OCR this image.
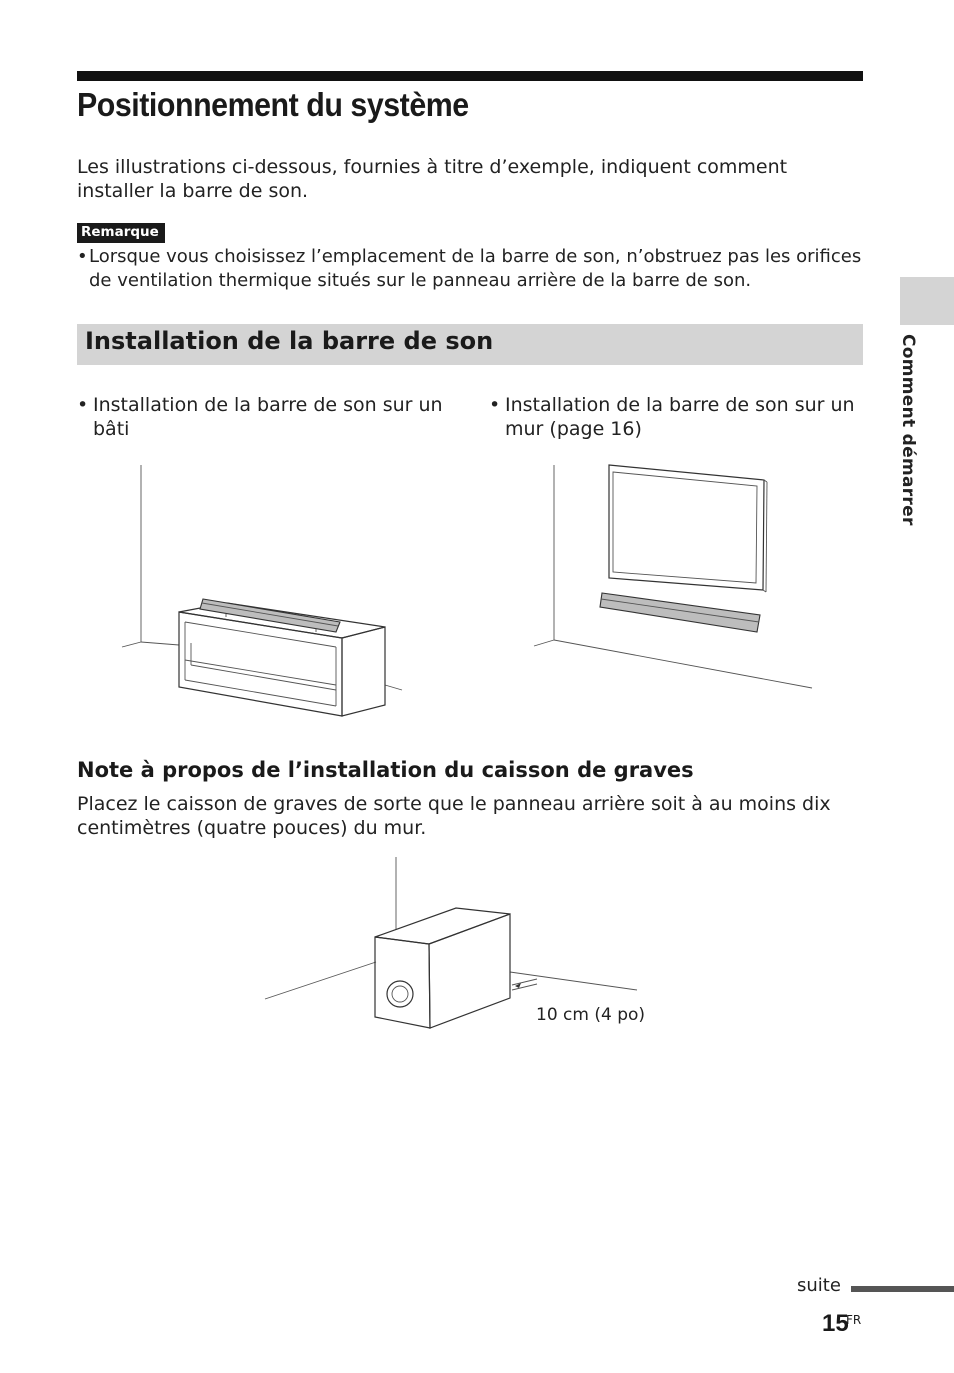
Positionnement du système
Les illustrations ci-dessous, fournies à titre d’exemple, indiquent comment installer la barre de son.
Remarque
• Lorsque vous choisissez l’emplacement de la barre de son, n’obstruez pas les orifices de ventilation thermique situés sur le panneau arrière de la barre de son.
Comment démarrer
Installation de la barre de son
• Installation de la barre de son sur un bâti
• Installation de la barre de son sur un mur (page 16)
Note à propos de l’installation du caisson de graves
Placez le caisson de graves de sorte que le panneau arrière soit à au moins dix centimètres (quatre pouces) du mur.
10 cm (4 po)
suite
15
FR
